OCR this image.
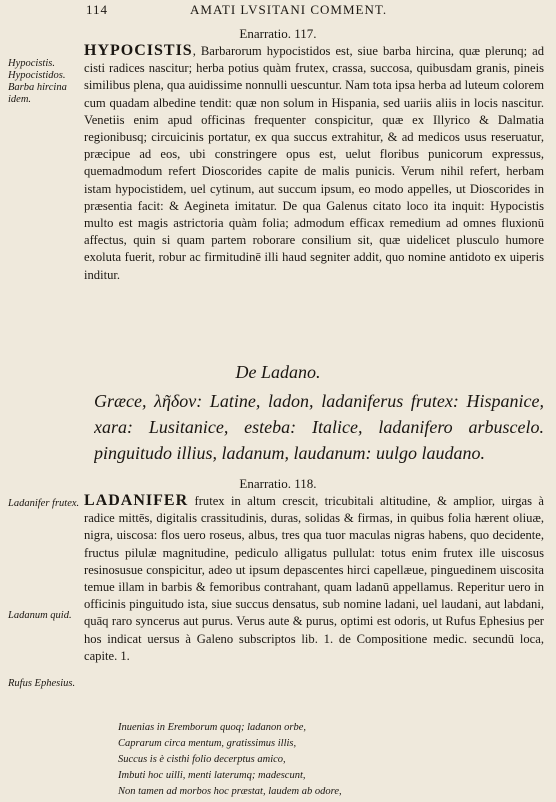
114	AMATI LVSITANI COMMENT.
Enarratio. 117.
Hypocistis.
Hypocistidos.
Barba hircina idem.
HYPOCISTIS, Barbarorum hypocistidos est, siue barba hircina, quæ plerunq; ad cisti radices nascitur; herba potius quàm frutex, crassa, succosa, quibusdam granis, pineis similibus plena, qua auidissime nonnulli uescuntur. Nam tota ipsa herba ad luteum colorem cum quadam albedine tendit: quæ non solum in Hispania, sed uariis aliis in locis nascitur. Venetiis enim apud officinas frequenter conspicitur, quæ ex Illyrico & Dalmatia regionibusq; circuicinis portatur, ex qua succus extrahitur, & ad medicos usus reseruatur, præcipue ad eos, ubi constringere opus est, uelut floribus punicorum expressus, quemadmodum refert Dioscorides capite de malis punicis. Verum nihil refert, herbam istam hypocistidem, uel cytinum, aut succum ipsum, eo modo appelles, ut Dioscorides in præsentia facit: & Aegineta imitatur. De qua Galenus citato loco ita inquit: Hypocistis multo est magis astrictoria quàm folia; admodum efficax remedium ad omnes fluxionū affectus, quin si quam partem roborare consilium sit, quæ uidelicet plusculo humore exoluta fuerit, robur ac firmitudinē illi haud segniter addit, quo nomine antidoto ex uiperis inditur.
De Ladano.
Græce, λῆδον: Latine, ladon, ladaniferus frutex: Hispanice, xara: Lusitanice, esteba: Italice, ladanifero arbuscelo. pinguitudo illius, ladanum, laudanum: uulgo laudano.
Enarratio. 118.
Ladanifer frutex.
Ladanum quid.
Rufus Ephesius.
LADANIFER frutex in altum crescit, tricubitali altitudine, & amplior, uirgas à radice mittēs, digitalis crassitudinis, duras, solidas & firmas, in quibus folia hærent oliuæ, nigra, uiscosa: flos uero roseus, albus, tres qua tuor maculas nigras habens, quo decidente, fructus pilulæ magnitudine, pediculo alligatus pullulat: totus enim frutex ille uiscosus resinosusue conspicitur, adeo ut ipsum depascentes hirci capellæue, pinguedinem uiscosita temue illam in barbis & femoribus contrahant, quam ladanū appellamus. Reperitur uero in officinis pinguitudo ista, siue succus densatus, sub nomine ladani, uel laudani, aut labdani, quāq raro syncerus aut purus. Verus aute & purus, optimi est odoris, ut Rufus Ephesius per hos indicat uersus à Galeno subscriptos lib. 1. de Compositione medic. secundū loca, capite. 1.
Inuenias in Eremborum quoq; ladanon orbe,
Caprarum circa mentum, gratissimus illis,
Succus is è cisthi folio decerptus amico,
Imbuti hoc uilli, menti laterumq; madescunt,
Non tamen ad morbos hoc præstat, laudem ab odore,
